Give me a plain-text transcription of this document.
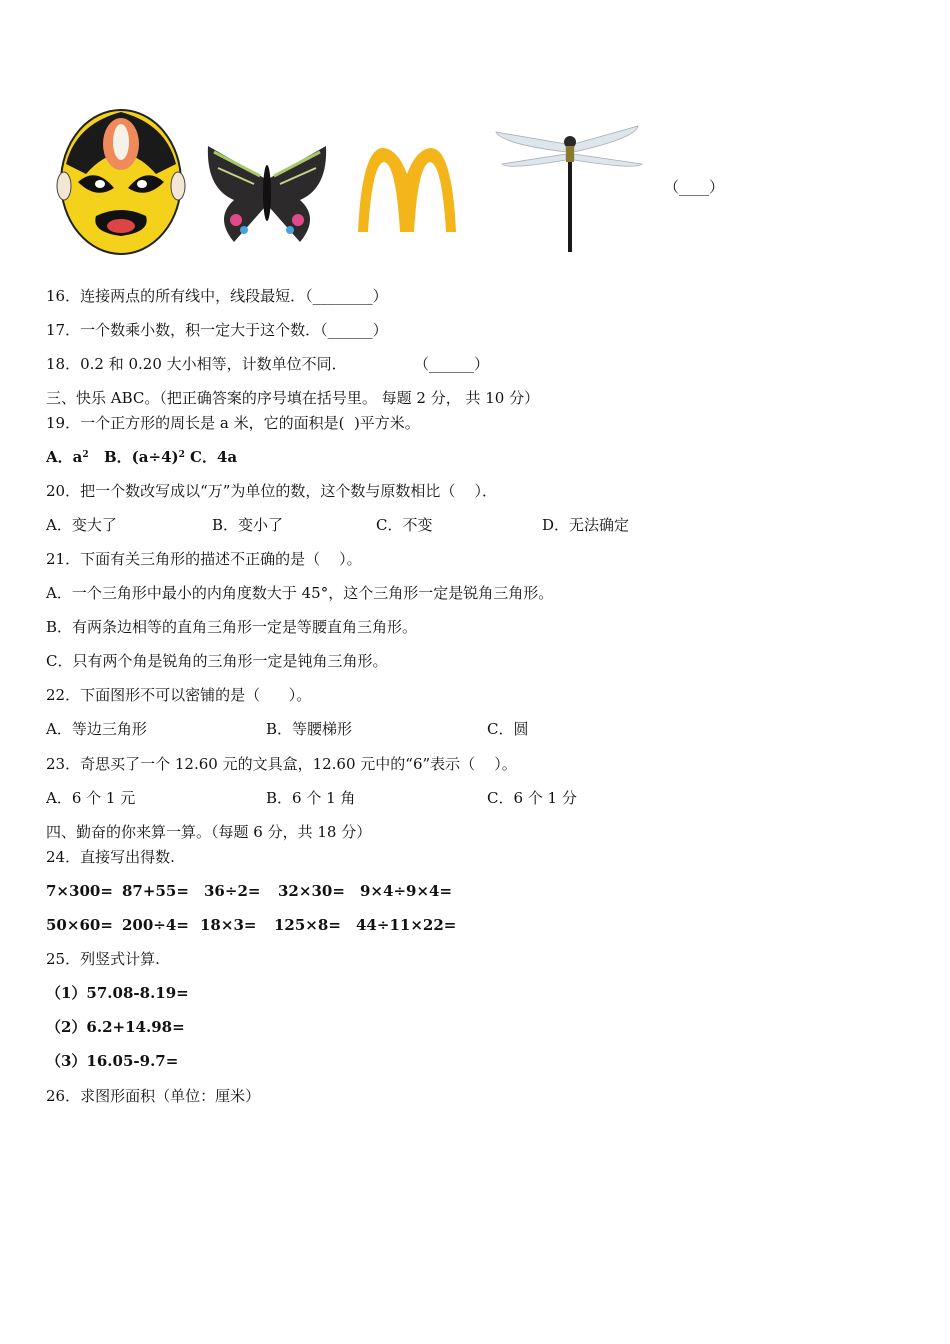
（____）
16．连接两点的所有线中，线段最短．（________）
17．一个数乘小数，积一定大于这个数．（______）
18．0.2 和 0.20 大小相等，计数单位不同．	（______）
三、快乐 ABC。（把正确答案的序号填在括号里。 每题 2 分， 共 10 分）
19．一个正方形的周长是 a 米，它的面积是(  )平方米。
A．$a^2$ B．$(a\div 4)^2$ C．4a
20．把一个数改写成以“万”为单位的数，这个数与原数相比（    ）．
A．变大了	B．变小了	C．不变	D．无法确定
21．下面有关三角形的描述不正确的是（    ）。
A．一个三角形中最小的内角度数大于 45°，这个三角形一定是锐角三角形。
B．有两条边相等的直角三角形一定是等腰直角三角形。
C．只有两个角是锐角的三角形一定是钝角三角形。
22．下面图形不可以密铺的是（      ）。
A．等边三角形	B．等腰梯形	C．圆
23．奇思买了一个 12.60 元的文具盒，12.60 元中的“6”表示（    ）。
A．6 个 1 元	B．6 个 1 角	C．6 个 1 分
四、勤奋的你来算一算。（每题 6 分，共 18 分）
24．直接写出得数.
7×300= 87+55= 36÷2= 32×30= 9×4÷9×4=
50×60= 200÷4= 18×3= 125×8= 44÷11×22=
25．列竖式计算.
（1）57.08-8.19=
（2）6.2+14.98=
（3）16.05-9.7=
26．求图形面积（单位：厘米）
